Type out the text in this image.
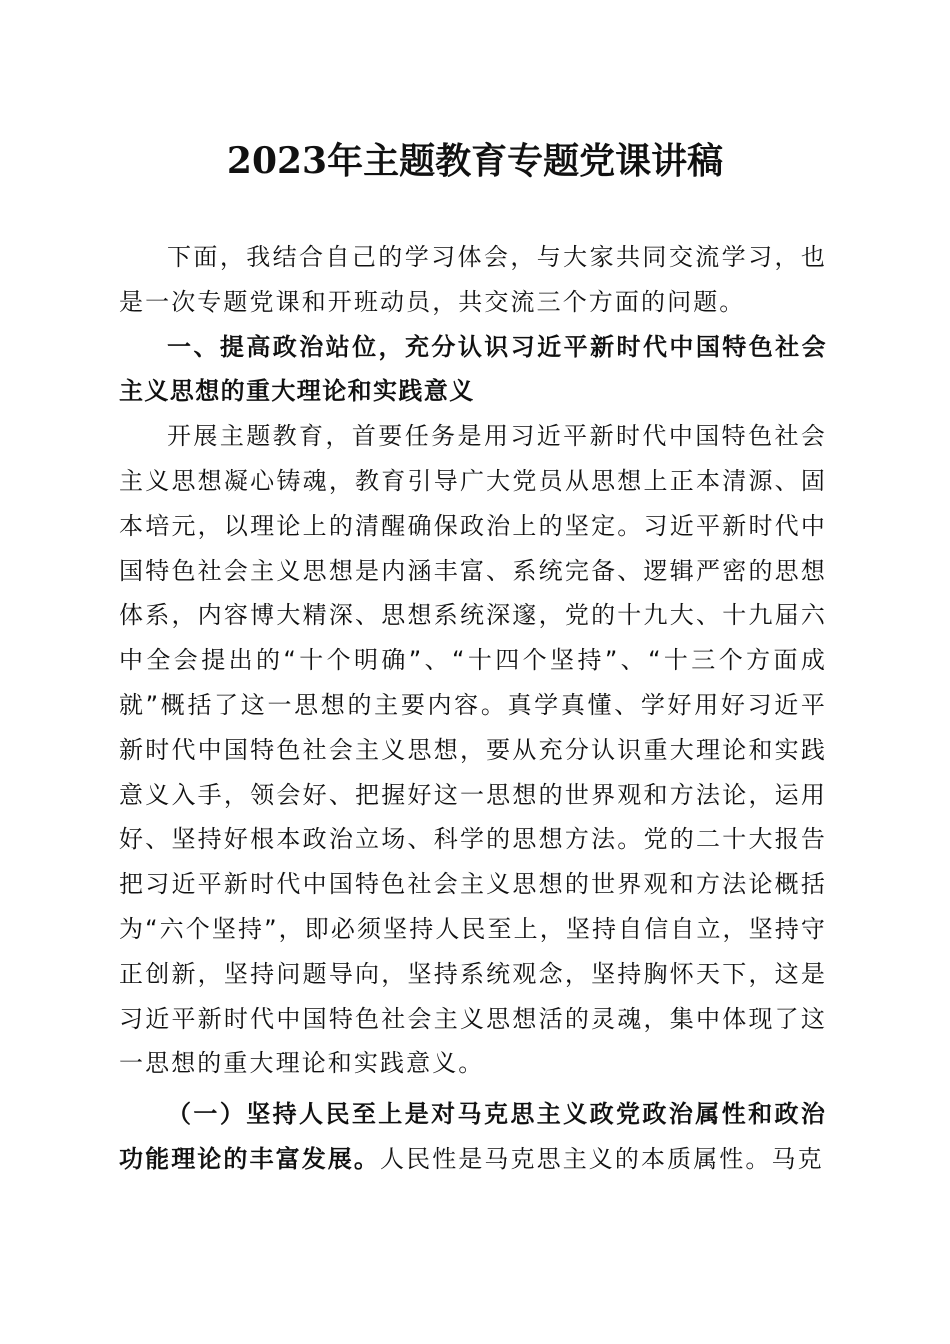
2023年主题教育专题党课讲稿

下面，我结合自己的学习体会，与大家共同交流学习，也是一次专题党课和开班动员，共交流三个方面的问题。

一、提高政治站位，充分认识习近平新时代中国特色社会主义思想的重大理论和实践意义

开展主题教育，首要任务是用习近平新时代中国特色社会主义思想凝心铸魂，教育引导广大党员从思想上正本清源、固本培元，以理论上的清醒确保政治上的坚定。习近平新时代中国特色社会主义思想是内涵丰富、系统完备、逻辑严密的思想体系，内容博大精深、思想系统深邃，党的十九大、十九届六中全会提出的“十个明确”、“十四个坚持”、“十三个方面成就”概括了这一思想的主要内容。真学真懂、学好用好习近平新时代中国特色社会主义思想，要从充分认识重大理论和实践意义入手，领会好、把握好这一思想的世界观和方法论，运用好、坚持好根本政治立场、科学的思想方法。党的二十大报告把习近平新时代中国特色社会主义思想的世界观和方法论概括为“六个坚持”，即必须坚持人民至上，坚持自信自立，坚持守正创新，坚持问题导向，坚持系统观念，坚持胸怀天下，这是习近平新时代中国特色社会主义思想活的灵魂，集中体现了这一思想的重大理论和实践意义。

（一）坚持人民至上是对马克思主义政党政治属性和政治功能理论的丰富发展。人民性是马克思主义的本质属性。马克
